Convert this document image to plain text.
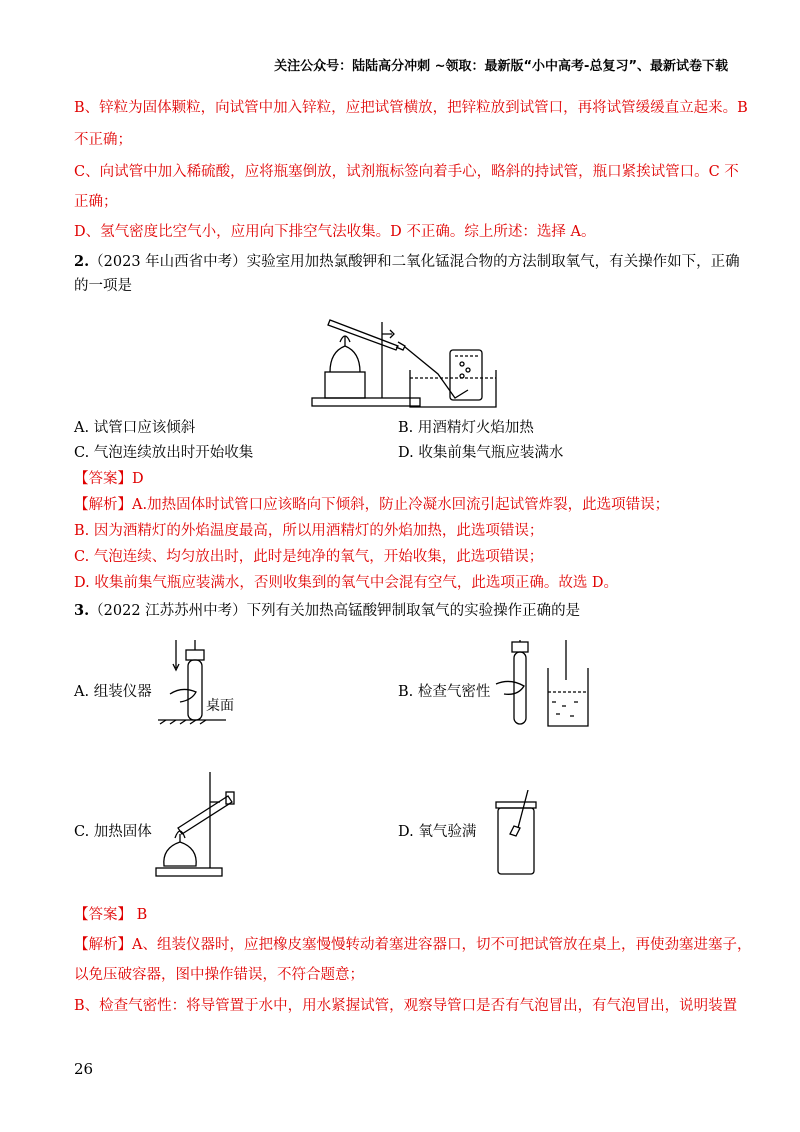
关注公众号：陆陆高分冲刺 ~领取：最新版“小中高考-总复习”、最新试卷下载
B、锌粒为固体颗粒，向试管中加入锌粒，应把试管横放，把锌粒放到试管口，再将试管缓缓直立起来。B
不正确；
C、向试管中加入稀硫酸，应将瓶塞倒放，试剂瓶标签向着手心，略斜的持试管，瓶口紧挨试管口。C 不
正确；
D、氢气密度比空气小，应用向下排空气法收集。D 不正确。综上所述：选择 A。
2.（2023 年山西省中考）实验室用加热氯酸钾和二氧化锰混合物的方法制取氧气，有关操作如下，正确
的一项是
A. 试管口应该倾斜	B. 用酒精灯火焰加热
C. 气泡连续放出时开始收集	D. 收集前集气瓶应装满水
【答案】D
【解析】A.加热固体时试管口应该略向下倾斜，防止冷凝水回流引起试管炸裂，此选项错误；
B. 因为酒精灯的外焰温度最高，所以用酒精灯的外焰加热，此选项错误；
C. 气泡连续、均匀放出时，此时是纯净的氧气，开始收集，此选项错误；
D. 收集前集气瓶应装满水，否则收集到的氧气中会混有空气，此选项正确。故选 D。
3.（2022 江苏苏州中考）下列有关加热高锰酸钾制取氧气的实验操作正确的是
A. 组装仪器
桌面
B. 检查气密性
C. 加热固体	D. 氧气验满
【答案】 B
【解析】A、组装仪器时，应把橡皮塞慢慢转动着塞进容器口，切不可把试管放在桌上，再使劲塞进塞子，
以免压破容器，图中操作错误，不符合题意；
B、检查气密性：将导管置于水中，用水紧握试管，观察导管口是否有气泡冒出，有气泡冒出，说明装置
26
